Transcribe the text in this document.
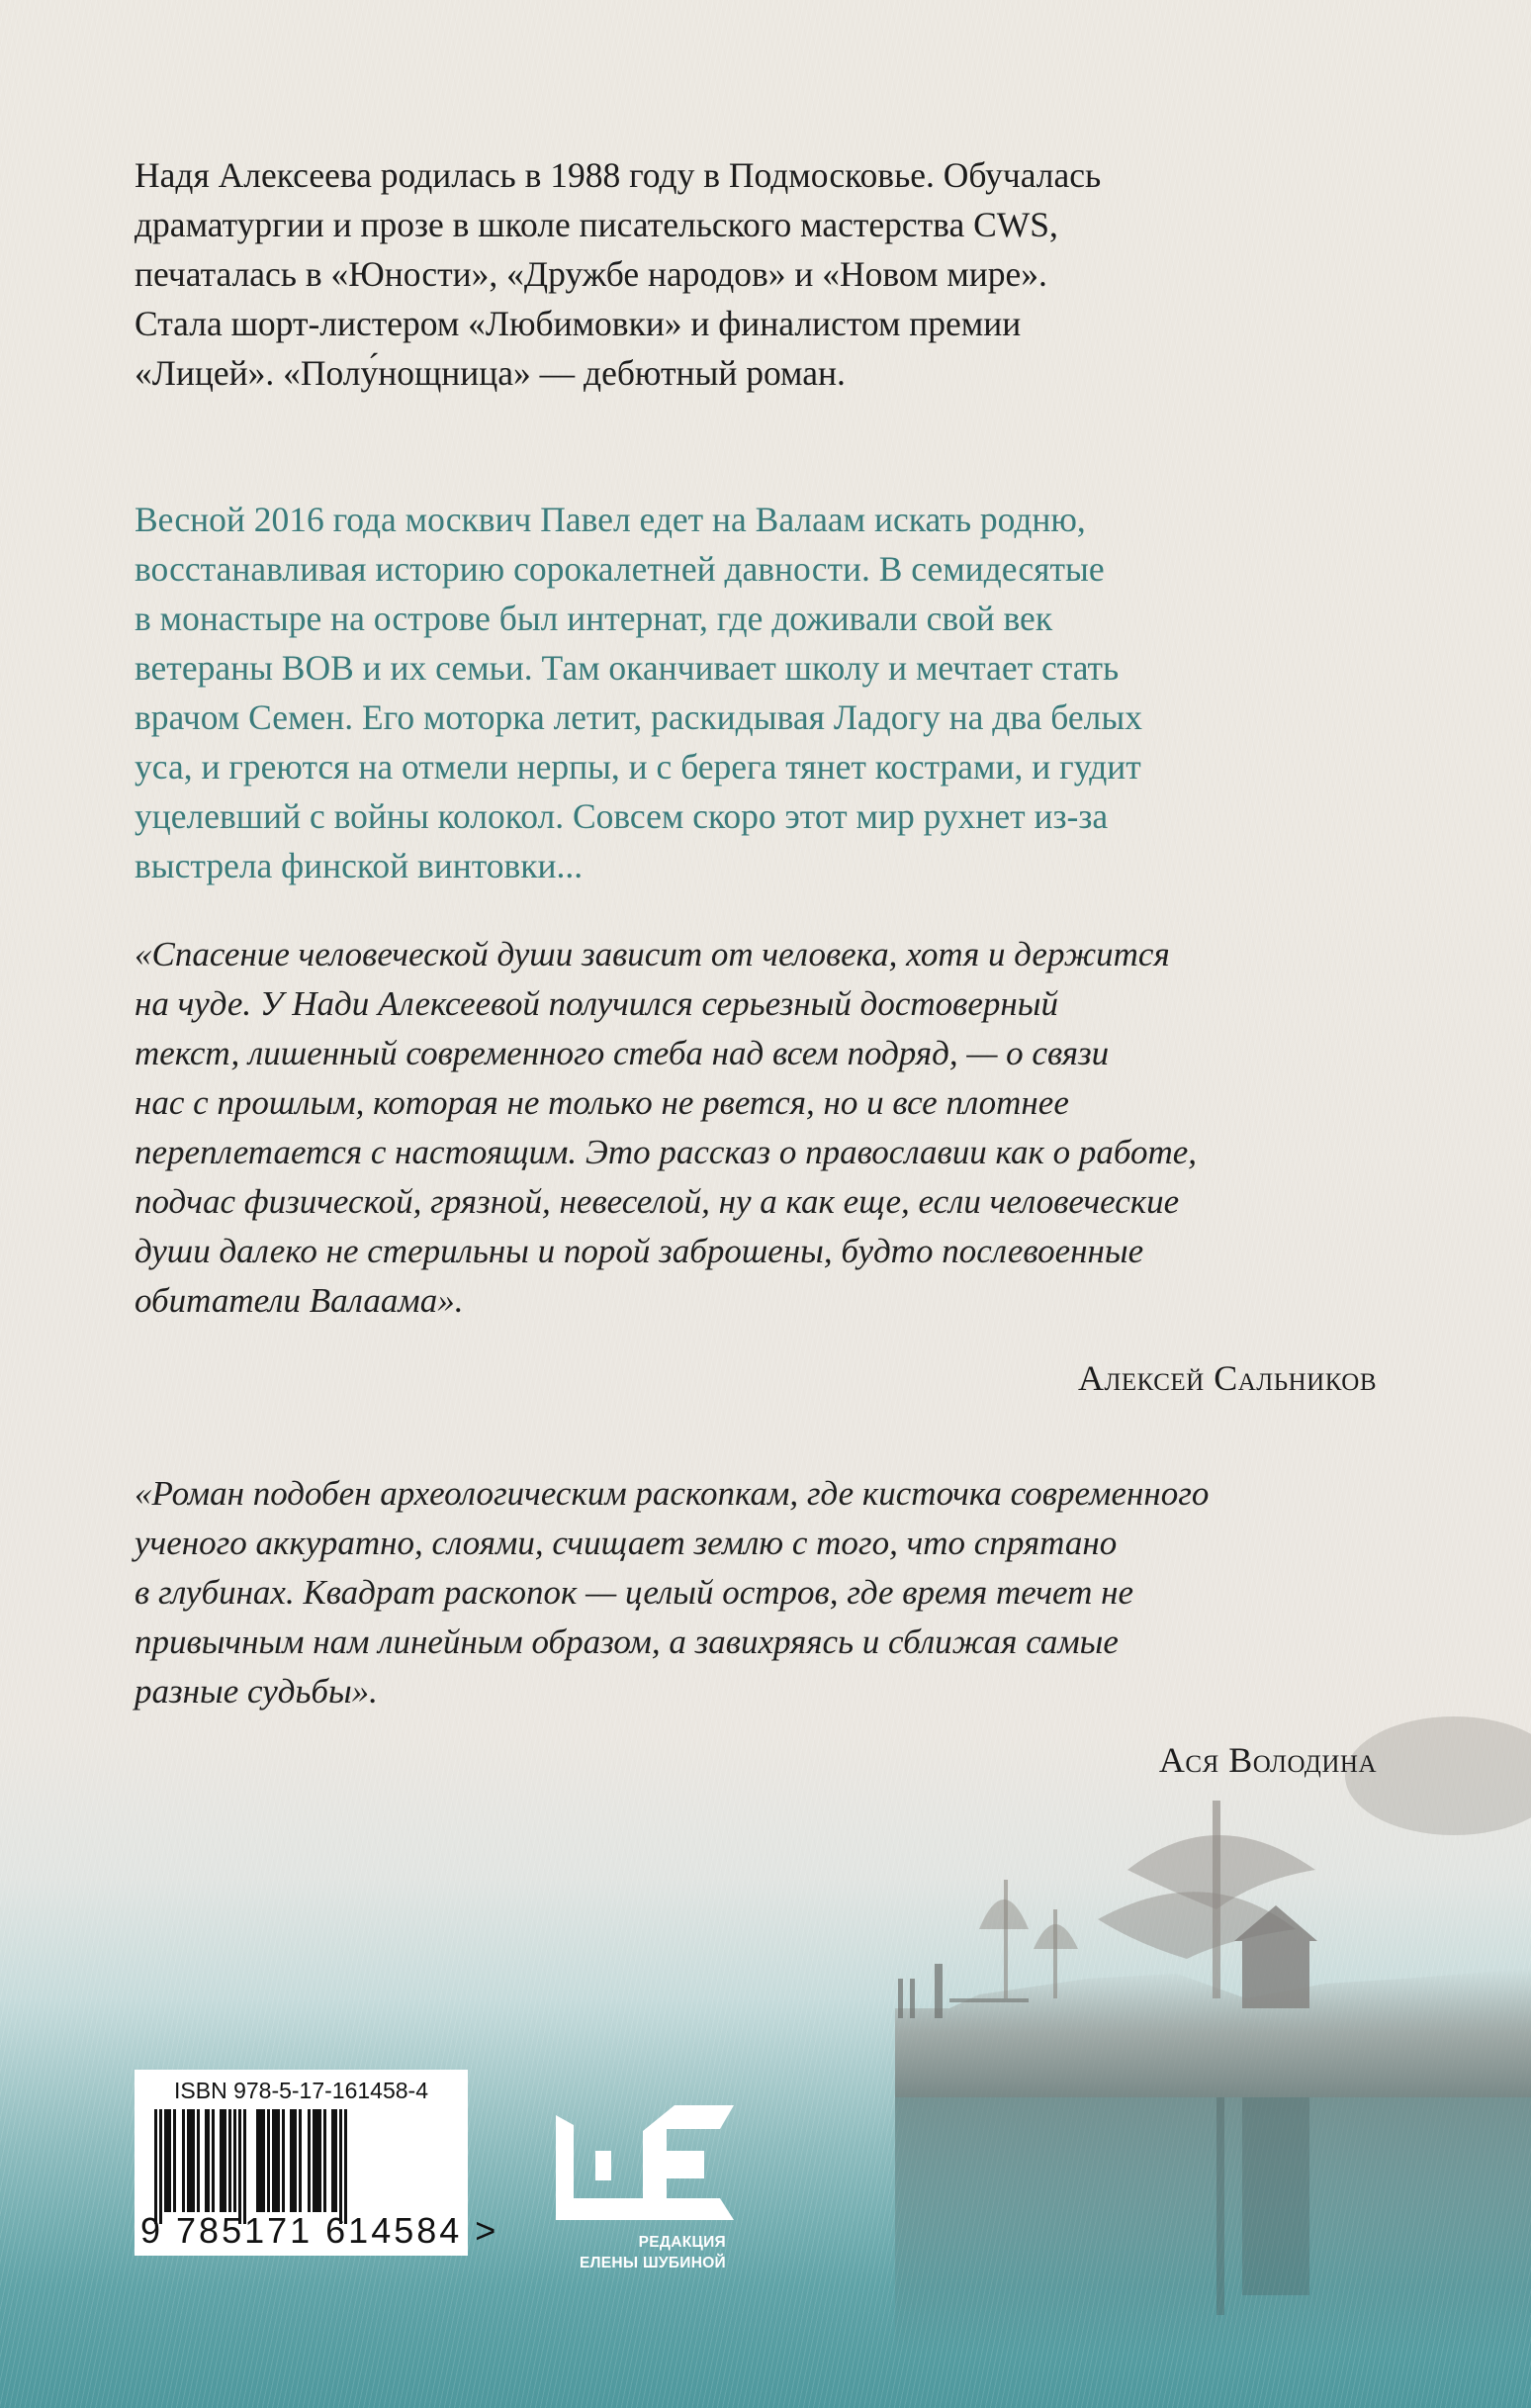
Надя Алексеева родилась в 1988 году в Подмосковье. Обучалась
драматургии и прозе в школе писательского мастерства CWS,
печаталась в «Юности», «Дружбе народов» и «Новом мире».
Стала шорт-листером «Любимовки» и финалистом премии
«Лицей». «Полу́нощница» — дебютный роман.
Весной 2016 года москвич Павел едет на Валаам искать родню,
восстанавливая историю сорокалетней давности. В семидесятые
в монастыре на острове был интернат, где доживали свой век
ветераны ВОВ и их семьи. Там оканчивает школу и мечтает стать
врачом Семен. Его моторка летит, раскидывая Ладогу на два белых
уса, и греются на отмели нерпы, и с берега тянет кострами, и гудит
уцелевший с войны колокол. Совсем скоро этот мир рухнет из-за
выстрела финской винтовки...
«Спасение человеческой души зависит от человека, хотя и держится
на чуде. У Нади Алексеевой получился серьезный достоверный
текст, лишенный современного стеба над всем подряд, — о связи
нас с прошлым, которая не только не рвется, но и все плотнее
переплетается с настоящим. Это рассказ о православии как о работе,
подчас физической, грязной, невеселой, ну а как еще, если человеческие
души далеко не стерильны и порой заброшены, будто послевоенные
обитатели Валаама».
Алексей Сальников
«Роман подобен археологическим раскопкам, где кисточка современного
ученого аккуратно, слоями, счищает землю с того, что спрятано
в глубинах. Квадрат раскопок — целый остров, где время течет не
привычным нам линейным образом, а завихряясь и сближая самые
разные судьбы».
Ася Володина
ISBN 978-5-17-161458-4
9 785171 614584 >	РЕДАКЦИЯ
ЕЛЕНЫ ШУБИНОЙ
